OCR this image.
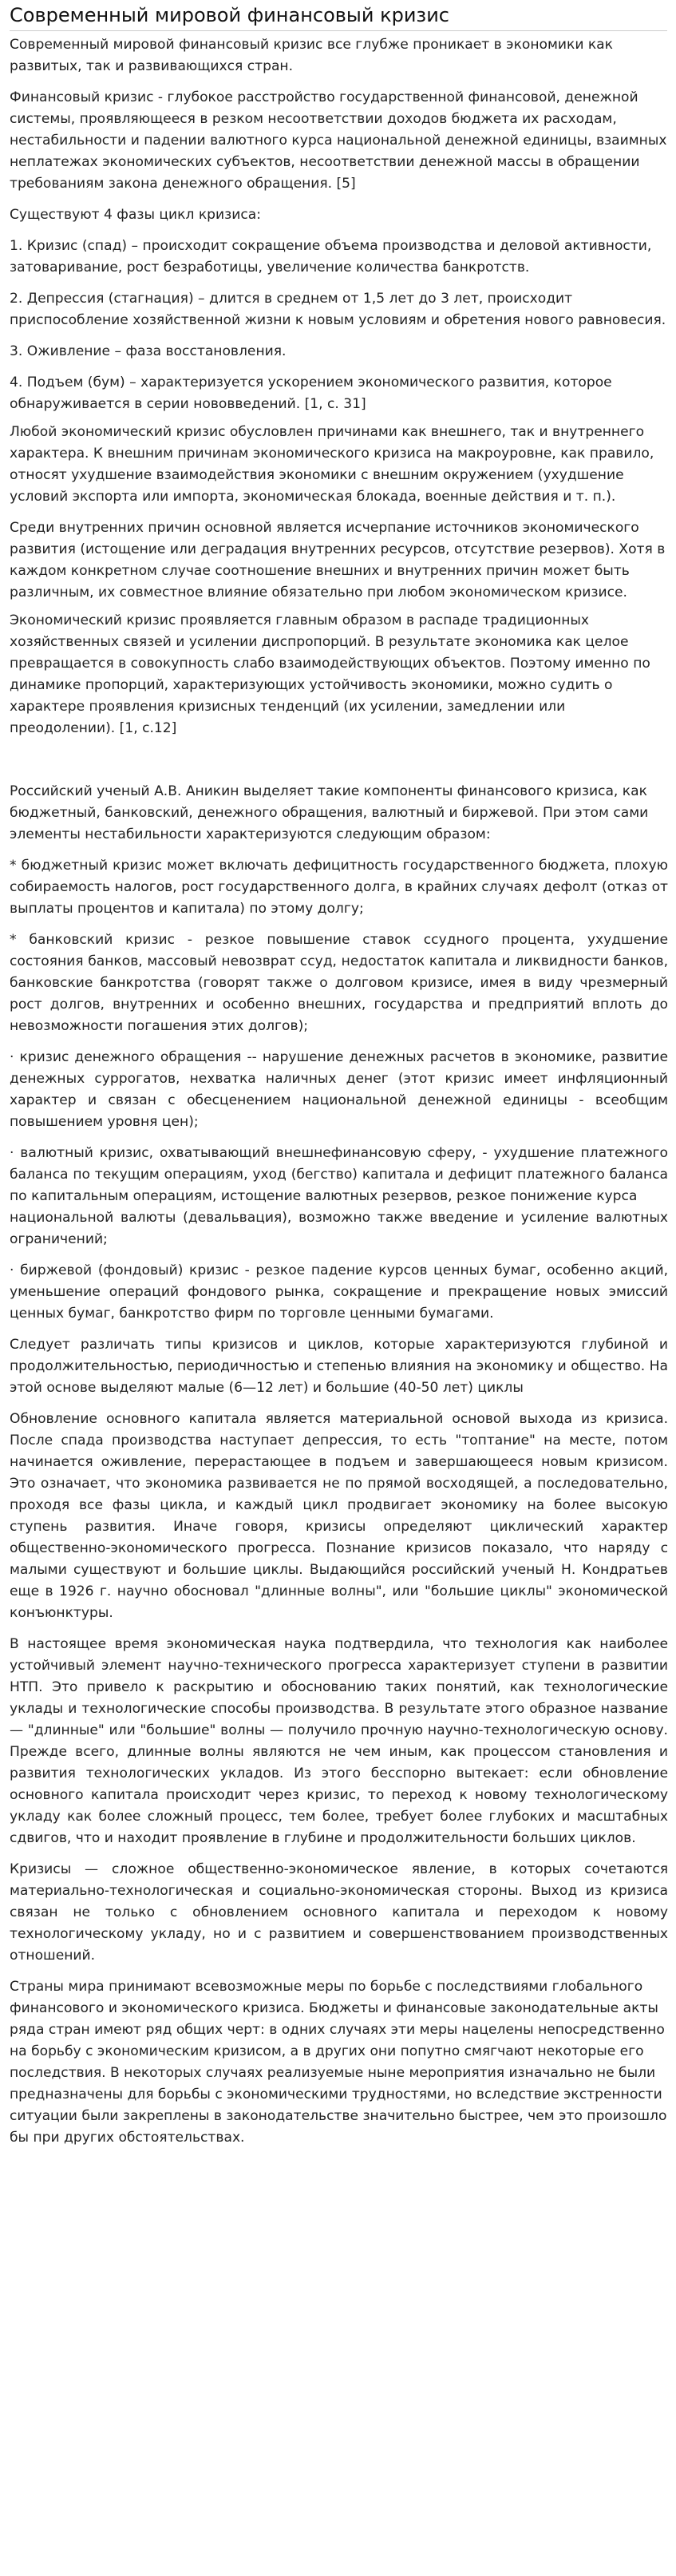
Современный мировой финансовый кризис

Современный мировой финансовый кризис все глубже проникает в экономики как развитых, так и развивающихся стран.

Финансовый кризис - глубокое расстройство государственной финансовой, денежной системы, проявляющееся в резком несоответствии доходов бюджета их расходам, нестабильности и падении валютного курса национальной денежной единицы, взаимных неплатежах экономических субъектов, несоответствии денежной массы в обращении требованиям закона денежного обращения. [5]

Существуют 4 фазы цикл кризиса:

1. Кризис (спад) – происходит сокращение объема производства и деловой активности, затоваривание, рост безработицы, увеличение количества банкротств.

2. Депрессия (стагнация) – длится в среднем от 1,5 лет до 3 лет, происходит приспособление хозяйственной жизни к новым условиям и обретения нового равновесия.

3. Оживление – фаза восстановления.

4. Подъем (бум) – характеризуется ускорением экономического развития, которое обнаруживается в серии нововведений. [1, с. 31]

Любой экономический кризис обусловлен причинами как внешнего, так и внутреннего характера. К внешним причинам экономического кризиса на макроуровне, как правило, относят ухудшение взаимодействия экономики с внешним окружением (ухудшение условий экспорта или импорта, экономическая блокада, военные действия и т. п.).

Среди внутренних причин основной является исчерпание источников экономического развития (истощение или деградация внутренних ресурсов, отсутствие резервов). Хотя в каждом конкретном случае соотношение внешних и внутренних причин может быть различным, их совместное влияние обязательно при любом экономическом кризисе.

Экономический кризис проявляется главным образом в распаде традиционных хозяйственных связей и усилении диспропорций. В результате экономика как целое превращается в совокупность слабо взаимодействующих объектов. Поэтому именно по динамике пропорций, характеризующих устойчивость экономики, можно судить о характере проявления кризисных тенденций (их усилении, замедлении или преодолении). [1, с.12]

Российский ученый А.В. Аникин выделяет такие компоненты финансового кризиса, как бюджетный, банковский, денежного обращения, валютный и биржевой. При этом сами элементы нестабильности характеризуются следующим образом:

* бюджетный кризис может включать дефицитность государственного бюджета, плохую собираемость налогов, рост государственного долга, в крайних случаях дефолт (отказ от выплаты процентов и капитала) по этому долгу;

* банковский кризис - резкое повышение ставок ссудного процента, ухудшение состояния банков, массовый невозврат ссуд, недостаток капитала и ликвидности банков, банковские банкротства (говорят также о долговом кризисе, имея в виду чрезмерный рост долгов, внутренних и особенно внешних, государства и предприятий вплоть до невозможности погашения этих долгов);

· кризис денежного обращения -- нарушение денежных расчетов в экономике, развитие денежных суррогатов, нехватка наличных денег (этот кризис имеет инфляционный характер и связан с обесценением национальной денежной единицы - всеобщим повышением уровня цен);

· валютный кризис, охватывающий внешнефинансовую сферу, - ухудшение платежного баланса по текущим операциям, уход (бегство) капитала и дефицит платежного баланса по капитальным операциям, истощение валютных резервов, резкое понижение курса
национальной валюты (девальвация), возможно также введение и усиление валютных ограничений;

· биржевой (фондовый) кризис - резкое падение курсов ценных бумаг, особенно акций, уменьшение операций фондового рынка, сокращение и прекращение новых эмиссий ценных бумаг, банкротство фирм по торговле ценными бумагами.

Следует различать типы кризисов и циклов, которые характеризуются глубиной и продолжительностью, периодичностью и степенью влияния на экономику и общество. На этой основе выделяют малые (6—12 лет) и большие (40-50 лет) циклы

Обновление основного капитала является материальной основой выхода из кризиса. После спада производства наступает депрессия, то есть "топтание" на месте, потом начинается оживление, перерастающее в подъем и завершающееся новым кризисом. Это означает, что экономика развивается не по прямой восходящей, а последовательно, проходя все фазы цикла, и каждый цикл продвигает экономику на более высокую ступень развития. Иначе говоря, кризисы определяют циклический характер общественно-экономического прогресса. Познание кризисов показало, что наряду с малыми существуют и большие циклы. Выдающийся российский ученый Н. Кондратьев еще в 1926 г. научно обосновал "длинные волны", или "большие циклы" экономической конъюнктуры.

В настоящее время экономическая наука подтвердила, что технология как наиболее устойчивый элемент научно-технического прогресса характеризует ступени в развитии НТП. Это привело к раскрытию и обоснованию таких понятий, как технологические уклады и технологические способы производства. В результате этого образное название — "длинные" или "большие" волны — получило прочную научно-технологическую основу. Прежде всего, длинные волны являются не чем иным, как процессом становления и развития технологических укладов. Из этого бесспорно вытекает: если обновление основного капитала происходит через кризис, то переход к новому технологическому укладу как более сложный процесс, тем более, требует более глубоких и масштабных сдвигов, что и находит проявление в глубине и продолжительности больших циклов.

Кризисы — сложное общественно-экономическое явление, в которых сочетаются материально-технологическая и социально-экономическая стороны. Выход из кризиса связан не только с обновлением основного капитала и переходом к новому технологическому укладу, но и с развитием и совершенствованием производственных отношений.

Страны мира принимают всевозможные меры по борьбе с последствиями глобального финансового и экономического кризиса. Бюджеты и финансовые законодательные акты ряда стран имеют ряд общих черт: в одних случаях эти меры нацелены непосредственно на борьбу с экономическим кризисом, а в других они попутно смягчают некоторые его последствия. В некоторых случаях реализуемые ныне мероприятия изначально не были предназначены для борьбы с экономическими трудностями, но вследствие экстренности ситуации были закреплены в законодательстве значительно быстрее, чем это произошло бы при других обстоятельствах.
